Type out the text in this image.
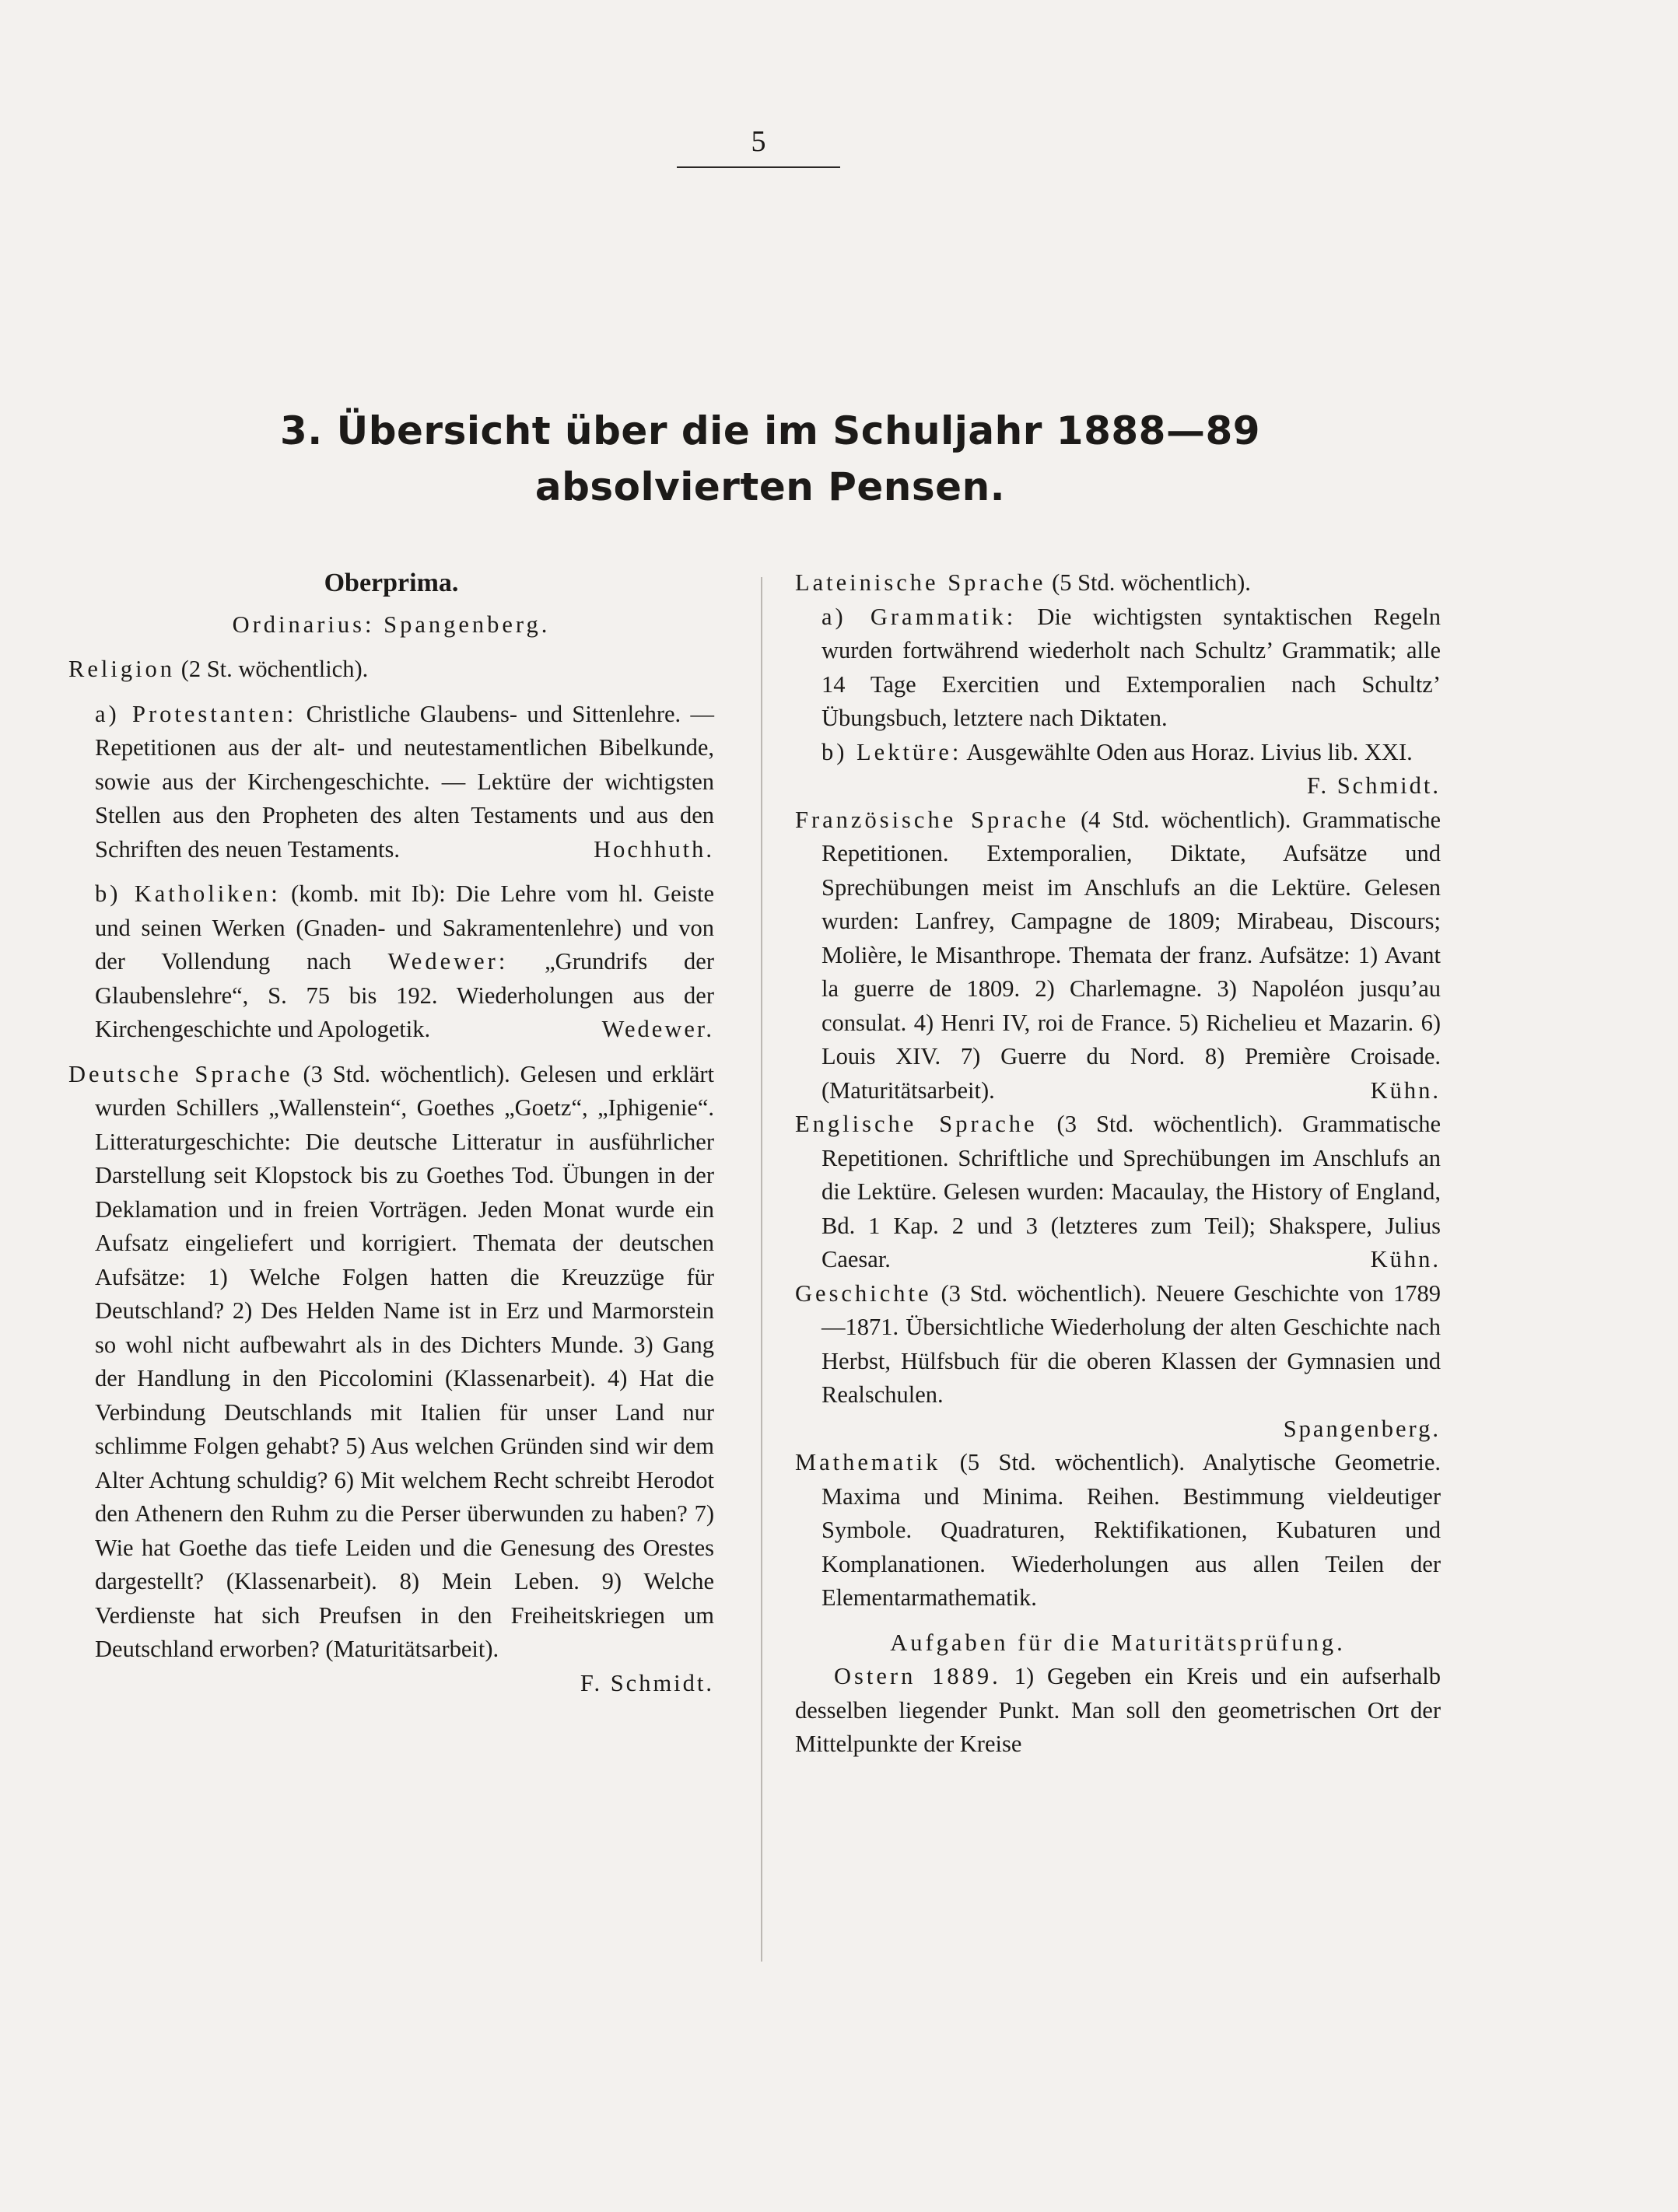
5
3. Übersicht über die im Schuljahr 1888—89
absolvierten Pensen.
Oberprima.

Ordinarius: Spangenberg.

Religion (2 St. wöchentlich).

a) Protestanten: Christliche Glaubens- und Sittenlehre. — Repetitionen aus der alt- und neutestamentlichen Bibelkunde, sowie aus der Kirchengeschichte. — Lektüre der wichtigsten Stellen aus den Propheten des alten Testaments und aus den Schriften des neuen Testaments.	Hochhuth.

b) Katholiken: (komb. mit Ib): Die Lehre vom hl. Geiste und seinen Werken (Gnaden- und Sakramentenlehre) und von der Vollendung nach Wedewer: „Grundrifs der Glaubenslehre“, S. 75 bis 192. Wiederholungen aus der Kirchengeschichte und Apologetik.	Wedewer.

Deutsche Sprache (3 Std. wöchentlich). Gelesen und erklärt wurden Schillers „Wallenstein“, Goethes „Goetz“, „Iphigenie“. Litteraturgeschichte: Die deutsche Litteratur in ausführlicher Darstellung seit Klopstock bis zu Goethes Tod. Übungen in der Deklamation und in freien Vorträgen. Jeden Monat wurde ein Aufsatz eingeliefert und korrigiert. Themata der deutschen Aufsätze: 1) Welche Folgen hatten die Kreuzzüge für Deutschland? 2) Des Helden Name ist in Erz und Marmorstein so wohl nicht aufbewahrt als in des Dichters Munde. 3) Gang der Handlung in den Piccolomini (Klassenarbeit). 4) Hat die Verbindung Deutschlands mit Italien für unser Land nur schlimme Folgen gehabt? 5) Aus welchen Gründen sind wir dem Alter Achtung schuldig? 6) Mit welchem Recht schreibt Herodot den Athenern den Ruhm zu die Perser überwunden zu haben? 7) Wie hat Goethe das tiefe Leiden und die Genesung des Orestes dargestellt? (Klassenarbeit). 8) Mein Leben. 9) Welche Verdienste hat sich Preufsen in den Freiheitskriegen um Deutschland erworben? (Maturitätsarbeit).

F. Schmidt.

Lateinische Sprache (5 Std. wöchentlich).

a) Grammatik: Die wichtigsten syntaktischen Regeln wurden fortwährend wiederholt nach Schultz’ Grammatik; alle 14 Tage Exercitien und Extemporalien nach Schultz’ Übungsbuch, letztere nach Diktaten.

b) Lektüre: Ausgewählte Oden aus Horaz. Livius lib. XXI.
F. Schmidt.

Französische Sprache (4 Std. wöchentlich). Grammatische Repetitionen. Extemporalien, Diktate, Aufsätze und Sprechübungen meist im Anschlufs an die Lektüre. Gelesen wurden: Lanfrey, Campagne de 1809; Mirabeau, Discours; Molière, le Misanthrope. Themata der franz. Aufsätze: 1) Avant la guerre de 1809. 2) Charlemagne. 3) Napoléon jusqu’au consulat. 4) Henri IV, roi de France. 5) Richelieu et Mazarin. 6) Louis XIV. 7) Guerre du Nord. 8) Première Croisade. (Maturitätsarbeit).	Kühn.

Englische Sprache (3 Std. wöchentlich). Grammatische Repetitionen. Schriftliche und Sprechübungen im Anschlufs an die Lektüre. Gelesen wurden: Macaulay, the History of England, Bd. 1 Kap. 2 und 3 (letzteres zum Teil); Shakspere, Julius Caesar.	Kühn.

Geschichte (3 Std. wöchentlich). Neuere Geschichte von 1789—1871. Übersichtliche Wiederholung der alten Geschichte nach Herbst, Hülfsbuch für die oberen Klassen der Gymnasien und Realschulen.

Spangenberg.

Mathematik (5 Std. wöchentlich). Analytische Geometrie. Maxima und Minima. Reihen. Bestimmung vieldeutiger Symbole. Quadraturen, Rektifikationen, Kubaturen und Komplanationen. Wiederholungen aus allen Teilen der Elementarmathematik.

Aufgaben für die Maturitätsprüfung.

Ostern 1889. 1) Gegeben ein Kreis und ein aufserhalb desselben liegender Punkt. Man soll den geometrischen Ort der Mittelpunkte der Kreise
